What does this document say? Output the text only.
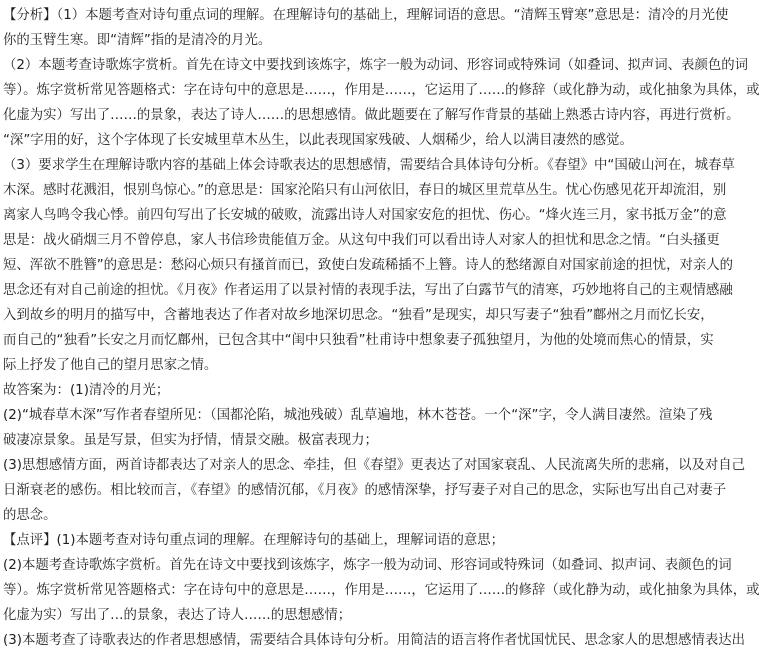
【分析】（1）本题考查对诗句重点词的理解。在理解诗句的基础上，理解词语的意思。“清辉玉臂寒”意思是：清冷的月光使
你的玉臂生寒。即“清辉”指的是清冷的月光。
（2）本题考查诗歌炼字赏析。首先在诗文中要找到该炼字，炼字一般为动词、形容词或特殊词（如叠词、拟声词、表颜色的词
等）。炼字赏析常见答题格式：字在诗句中的意思是……，作用是……，它运用了……的修辞（或化静为动，或化抽象为具体，或
化虚为实）写出了……的景象，表达了诗人……的思想感情。做此题要在了解写作背景的基础上熟悉古诗内容，再进行赏析。
“深”字用的好，这个字体现了长安城里草木丛生，以此表现国家残破、人烟稀少，给人以满目凄然的感觉。
（3）要求学生在理解诗歌内容的基础上体会诗歌表达的思想感情，需要结合具体诗句分析。《春望》中“国破山河在，城春草
木深。感时花溅泪，恨别鸟惊心。”的意思是：国家沦陷只有山河依旧，春日的城区里荒草丛生。忧心伤感见花开却流泪，别
离家人鸟鸣令我心悸。前四句写出了长安城的破败，流露出诗人对国家安危的担忧、伤心。“烽火连三月，家书抵万金”的意
思是：战火硝烟三月不曾停息，家人书信珍贵能值万金。从这句中我们可以看出诗人对家人的担忧和思念之情。“白头搔更
短、浑欲不胜簪”的意思是：愁闷心烦只有搔首而已，致使白发疏稀插不上簪。诗人的愁绪源自对国家前途的担忧，对亲人的
思念还有对自己前途的担忧。《月夜》作者运用了以景衬情的表现手法，写出了白露节气的清寒，巧妙地将自己的主观情感融
入到故乡的明月的描写中，含蓄地表达了作者对故乡地深切思念。“独看”是现实，却只写妻子“独看”鄜州之月而忆长安，
而自己的“独看”长安之月而忆鄜州，已包含其中“闺中只独看”杜甫诗中想象妻子孤独望月，为他的处境而焦心的情景，实
际上抒发了他自己的望月思家之情。
故答案为：(1)清冷的月光；
(2)“城春草木深”写作者春望所见：（国都沦陷，城池残破）乱草遍地，林木苍苍。一个“深”字，令人满目凄然。渲染了残
破凄凉景象。虽是写景，但实为抒情，情景交融。极富表现力；
(3)思想感情方面，两首诗都表达了对亲人的思念、牵挂，但《春望》更表达了对国家衰乱、人民流离失所的悲痛，以及对自己
日渐衰老的感伤。相比较而言，《春望》的感情沉郁，《月夜》的感情深挚，抒写妻子对自己的思念，实际也写出自己对妻子
的思念。
【点评】(1)本题考查对诗句重点词的理解。在理解诗句的基础上，理解词语的意思；
(2)本题考查诗歌炼字赏析。首先在诗文中要找到该炼字，炼字一般为动词、形容词或特殊词（如叠词、拟声词、表颜色的词
等）。炼字赏析常见答题格式：字在诗句中的意思是……，作用是……，它运用了……的修辞（或化静为动，或化抽象为具体，或
化虚为实）写出了…的景象，表达了诗人……的思想感情；
(3)本题考查了诗歌表达的作者思想感情，需要结合具体诗句分析。用简洁的语言将作者忧国忧民、思念家人的思想感情表达出
